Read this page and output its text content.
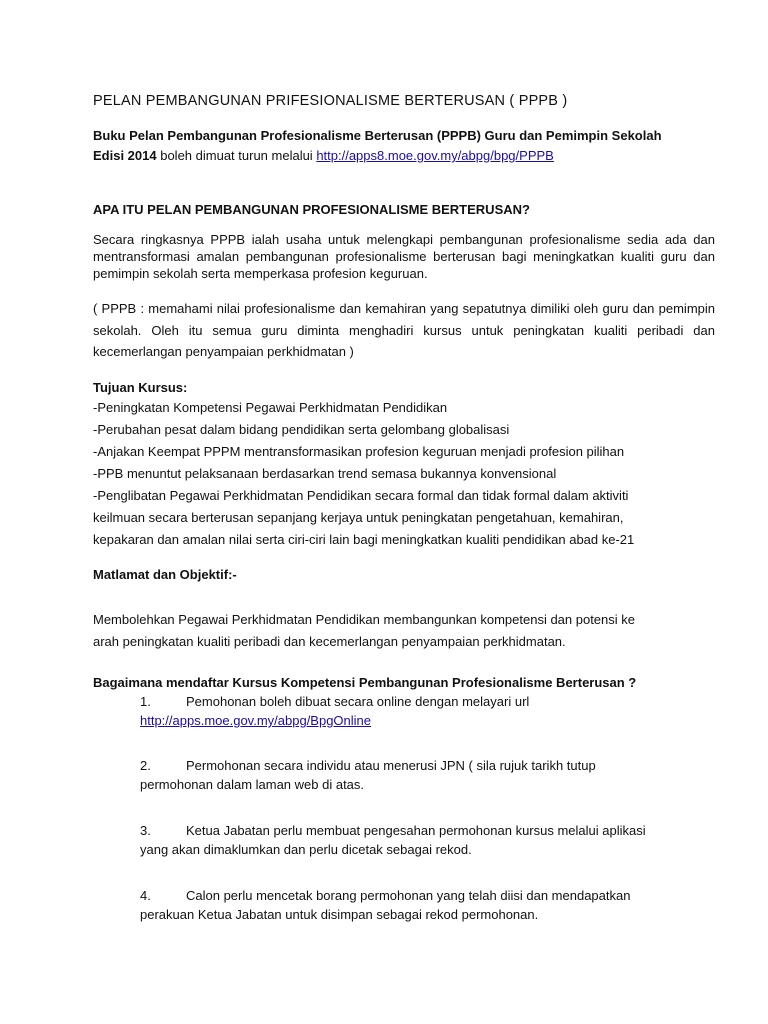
PELAN PEMBANGUNAN PRIFESIONALISME BERTERUSAN ( PPPB )
Buku Pelan Pembangunan Profesionalisme Berterusan (PPPB) Guru dan Pemimpin Sekolah
Edisi 2014 boleh dimuat turun melalui http://apps8.moe.gov.my/abpg/bpg/PPPB

APA ITU PELAN PEMBANGUNAN PROFESIONALISME BERTERUSAN?

Secara ringkasnya PPPB ialah usaha untuk melengkapi pembangunan profesionalisme sedia ada dan mentransformasi amalan pembangunan profesionalisme berterusan bagi meningkatkan kualiti guru dan pemimpin sekolah serta memperkasa profesion keguruan.

( PPPB : memahami nilai profesionalisme dan kemahiran yang sepatutnya dimiliki oleh guru dan pemimpin sekolah. Oleh itu semua guru diminta menghadiri kursus untuk peningkatan kualiti peribadi dan kecemerlangan penyampaian perkhidmatan )

Tujuan Kursus:

-Peningkatan Kompetensi Pegawai Perkhidmatan Pendidikan
-Perubahan pesat dalam bidang pendidikan serta gelombang globalisasi
-Anjakan Keempat PPPM mentransformasikan profesion keguruan menjadi profesion pilihan
-PPB menuntut pelaksanaan berdasarkan trend semasa bukannya konvensional
-Penglibatan Pegawai Perkhidmatan Pendidikan secara formal dan tidak formal dalam aktiviti
keilmuan secara berterusan sepanjang kerjaya untuk peningkatan pengetahuan, kemahiran,
kepakaran dan amalan nilai serta ciri-ciri lain bagi meningkatkan kualiti pendidikan abad ke-21

Matlamat dan Objektif:-

Membolehkan Pegawai Perkhidmatan Pendidikan membangunkan kompetensi dan potensi ke
arah peningkatan kualiti peribadi dan kecemerlangan penyampaian perkhidmatan.

Bagaimana mendaftar Kursus Kompetensi Pembangunan Profesionalisme Berterusan ?

1.	Pemohonan boleh dibuat secara online dengan melayari url
http://apps.moe.gov.my/abpg/BpgOnline
2.	Permohonan secara individu atau menerusi JPN ( sila rujuk tarikh tutup
permohonan dalam laman web di atas.
3.	Ketua Jabatan perlu membuat pengesahan permohonan kursus melalui aplikasi
yang akan dimaklumkan dan perlu dicetak sebagai rekod.
4.	Calon perlu mencetak borang permohonan yang telah diisi dan mendapatkan
perakuan Ketua Jabatan untuk disimpan sebagai rekod permohonan.
